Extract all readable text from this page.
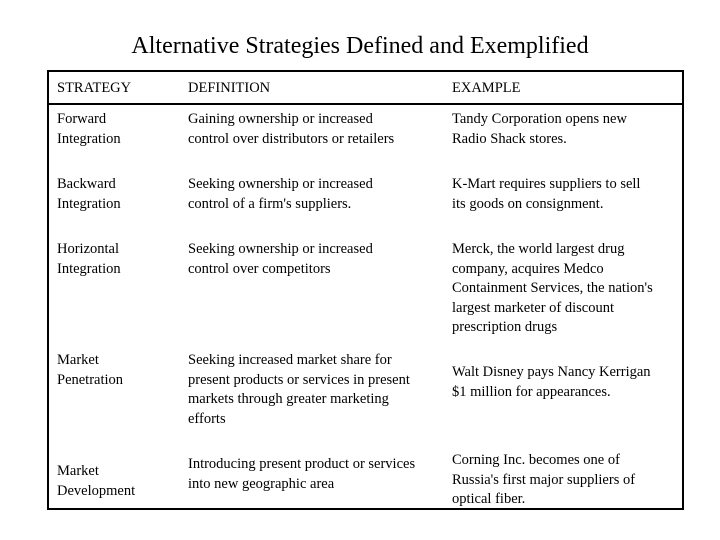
Alternative Strategies Defined and Exemplified
STRATEGY	DEFINITION	EXAMPLE
Forward
Integration
Gaining ownership or increased
control over distributors or retailers
Tandy Corporation opens new
Radio Shack stores.
Backward
Integration
Seeking ownership or increased
control of a firm's suppliers.
K-Mart requires suppliers to sell
its goods on consignment.
Horizontal
Integration
Seeking ownership or increased
control over competitors
Merck, the world largest drug
company, acquires Medco
Containment Services, the nation's
largest marketer of discount
prescription drugs
Market
Penetration
Seeking increased market share for
present products or services in present
markets through greater marketing
efforts
Walt Disney pays Nancy Kerrigan
$1 million for appearances.
Market
Development
Introducing present product or services
into new geographic area
Corning Inc. becomes one of
Russia's first major suppliers of
optical fiber.
